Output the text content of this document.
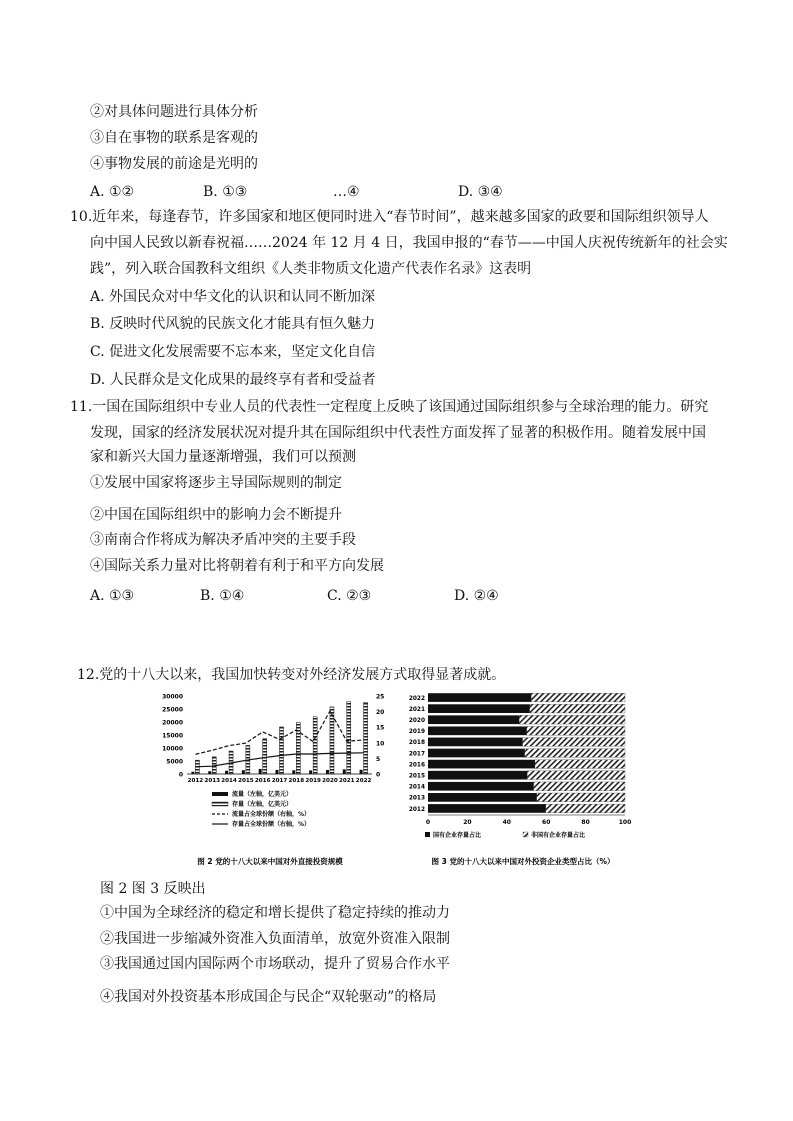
②对具体问题进行具体分析
③自在事物的联系是客观的
④事物发展的前途是光明的
A. ①②	B. ①③	…④	D. ③④
10.近年来，每逢春节，许多国家和地区便同时进入“春节时间”，越来越多国家的政要和国际组织领导人
向中国人民致以新春祝福……2024 年 12 月 4 日，我国申报的“春节——中国人庆祝传统新年的社会实
践”，列入联合国教科文组织《人类非物质文化遗产代表作名录》这表明
A. 外国民众对中华文化的认识和认同不断加深
B. 反映时代风貌的民族文化才能具有恒久魅力
C. 促进文化发展需要不忘本来，坚定文化自信
D. 人民群众是文化成果的最终享有者和受益者
11.一国在国际组织中专业人员的代表性一定程度上反映了该国通过国际组织参与全球治理的能力。研究
发现，国家的经济发展状况对提升其在国际组织中代表性方面发挥了显著的积极作用。随着发展中国
家和新兴大国力量逐渐增强，我们可以预测
①发展中国家将逐步主导国际规则的制定
②中国在国际组织中的影响力会不断提升
③南南合作将成为解决矛盾冲突的主要手段
④国际关系力量对比将朝着有利于和平方向发展
A. ①③	B. ①④	C. ②③	D. ②④
12.党的十八大以来，我国加快转变对外经济发展方式取得显著成就。
30000
25000
20000
15000
10000
5000
0
25
20
15
10
5
0
2012 2013 2014 2015 2016 2017 2018 2019 2020 2021 2022
流量（左轴，亿美元）
存量（左轴，亿美元）
流量占全球份额（右轴，%）
存量占全球份额（右轴，%）
图 2 党的十八大以来中国对外直接投资规模
2022
2021
2020
2019
2018
2017
2016
2015
2014
2013
2012
0	20	40	60	80	100
国有企业存量占比	非国有企业存量占比
图 3 党的十八大以来中国对外投资企业类型占比（%）
图 2 图 3 反映出
①中国为全球经济的稳定和增长提供了稳定持续的推动力
②我国进一步缩减外资准入负面清单，放宽外资准入限制
③我国通过国内国际两个市场联动，提升了贸易合作水平
④我国对外投资基本形成国企与民企“双轮驱动”的格局
